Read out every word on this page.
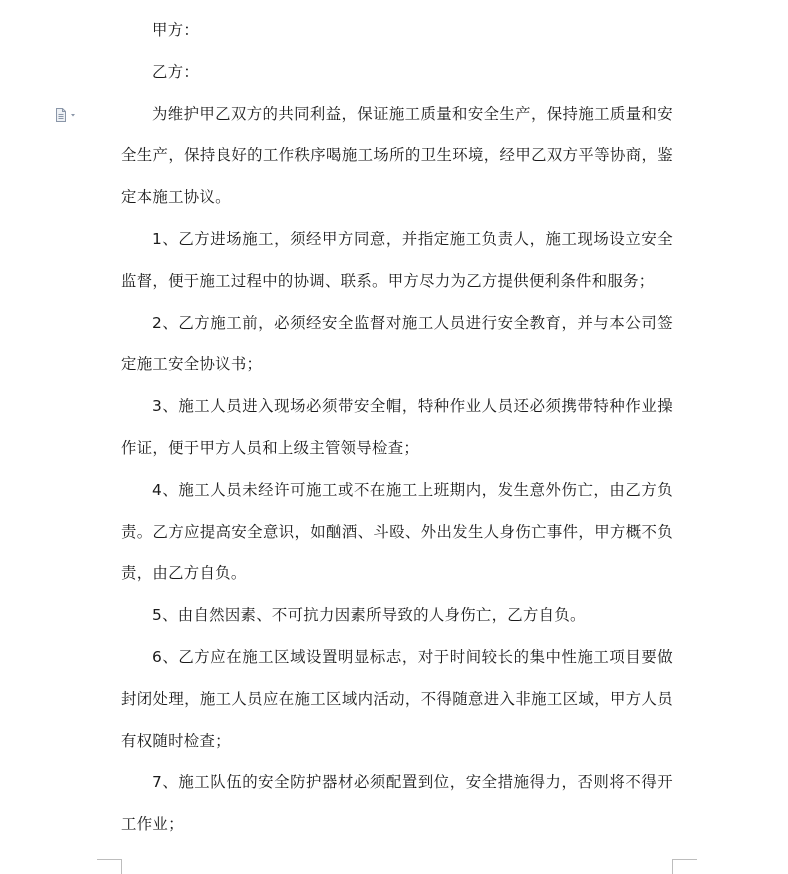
甲方：

乙方：

为维护甲乙双方的共同利益，保证施工质量和安全生产，保持施工质量和安全生产，保持良好的工作秩序喝施工场所的卫生环境，经甲乙双方平等协商，鉴定本施工协议。

1、乙方进场施工，须经甲方同意，并指定施工负责人，施工现场设立安全监督，便于施工过程中的协调、联系。甲方尽力为乙方提供便利条件和服务；

2、乙方施工前，必须经安全监督对施工人员进行安全教育，并与本公司签定施工安全协议书；

3、施工人员进入现场必须带安全帽，特种作业人员还必须携带特种作业操作证，便于甲方人员和上级主管领导检查；

4、施工人员未经许可施工或不在施工上班期内，发生意外伤亡，由乙方负责。乙方应提高安全意识，如酗酒、斗殴、外出发生人身伤亡事件，甲方概不负责，由乙方自负。

5、由自然因素、不可抗力因素所导致的人身伤亡，乙方自负。

6、乙方应在施工区域设置明显标志，对于时间较长的集中性施工项目要做封闭处理，施工人员应在施工区域内活动，不得随意进入非施工区域，甲方人员有权随时检查；

7、施工队伍的安全防护器材必须配置到位，安全措施得力，否则将不得开工作业；
